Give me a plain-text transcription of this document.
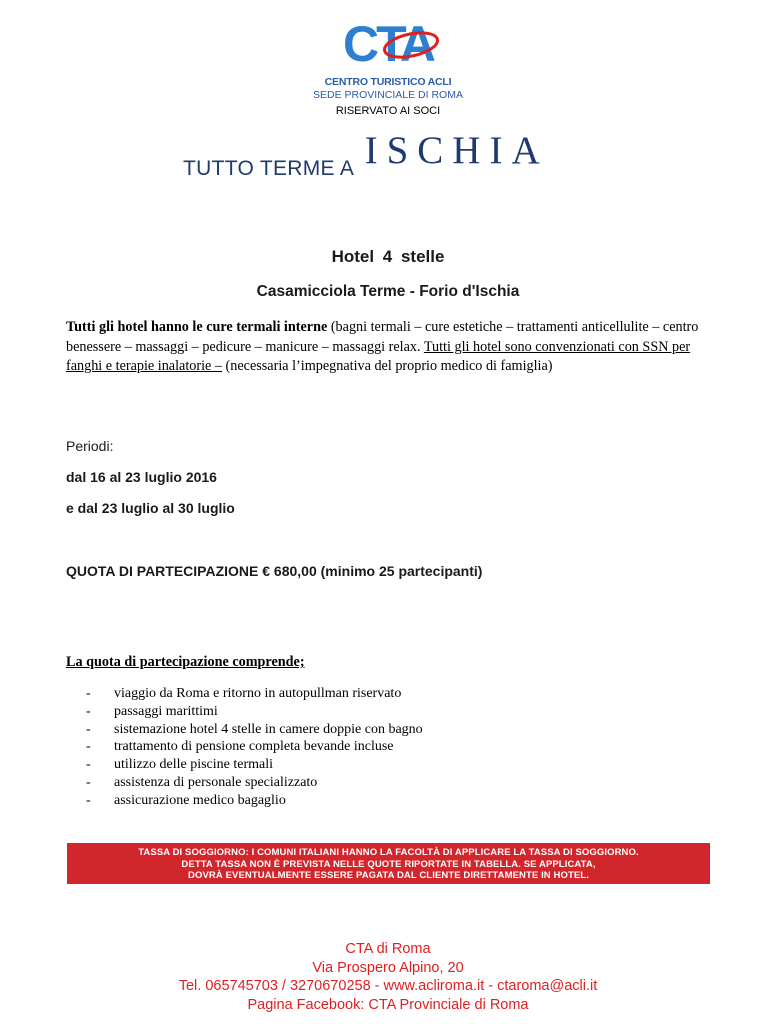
CTA
CENTRO TURISTICO ACLI
SEDE PROVINCIALE DI ROMA
RISERVATO AI SOCI
TUTTO TERME A ISCHIA
Hotel 4 stelle
Casamicciola Terme - Forio d'Ischia
Tutti gli hotel hanno le cure termali interne (bagni termali – cure estetiche – trattamenti anticellulite – centro benessere – massaggi – pedicure – manicure – massaggi relax. Tutti gli hotel sono convenzionati con SSN per fanghi e terapie inalatorie – (necessaria l’impegnativa del proprio medico di famiglia)
Periodi:
dal 16 al 23 luglio 2016
e dal 23 luglio al 30 luglio
QUOTA DI PARTECIPAZIONE € 680,00 (minimo 25 partecipanti)
La quota di partecipazione comprende;
- viaggio da Roma e ritorno in autopullman riservato
- passaggi marittimi
- sistemazione hotel 4 stelle in camere doppie con bagno
- trattamento di pensione completa bevande incluse
- utilizzo delle piscine termali
- assistenza di personale specializzato
- assicurazione medico bagaglio
TASSA DI SOGGIORNO: I COMUNI ITALIANI HANNO LA FACOLTÀ DI APPLICARE LA TASSA DI SOGGIORNO.
DETTA TASSA NON È PREVISTA NELLE QUOTE RIPORTATE IN TABELLA. SE APPLICATA,
DOVRÀ EVENTUALMENTE ESSERE PAGATA DAL CLIENTE DIRETTAMENTE IN HOTEL.
CTA di Roma
Via Prospero Alpino, 20
Tel. 065745703 / 3270670258 - www.acliroma.it - ctaroma@acli.it
Pagina Facebook: CTA Provinciale di Roma
